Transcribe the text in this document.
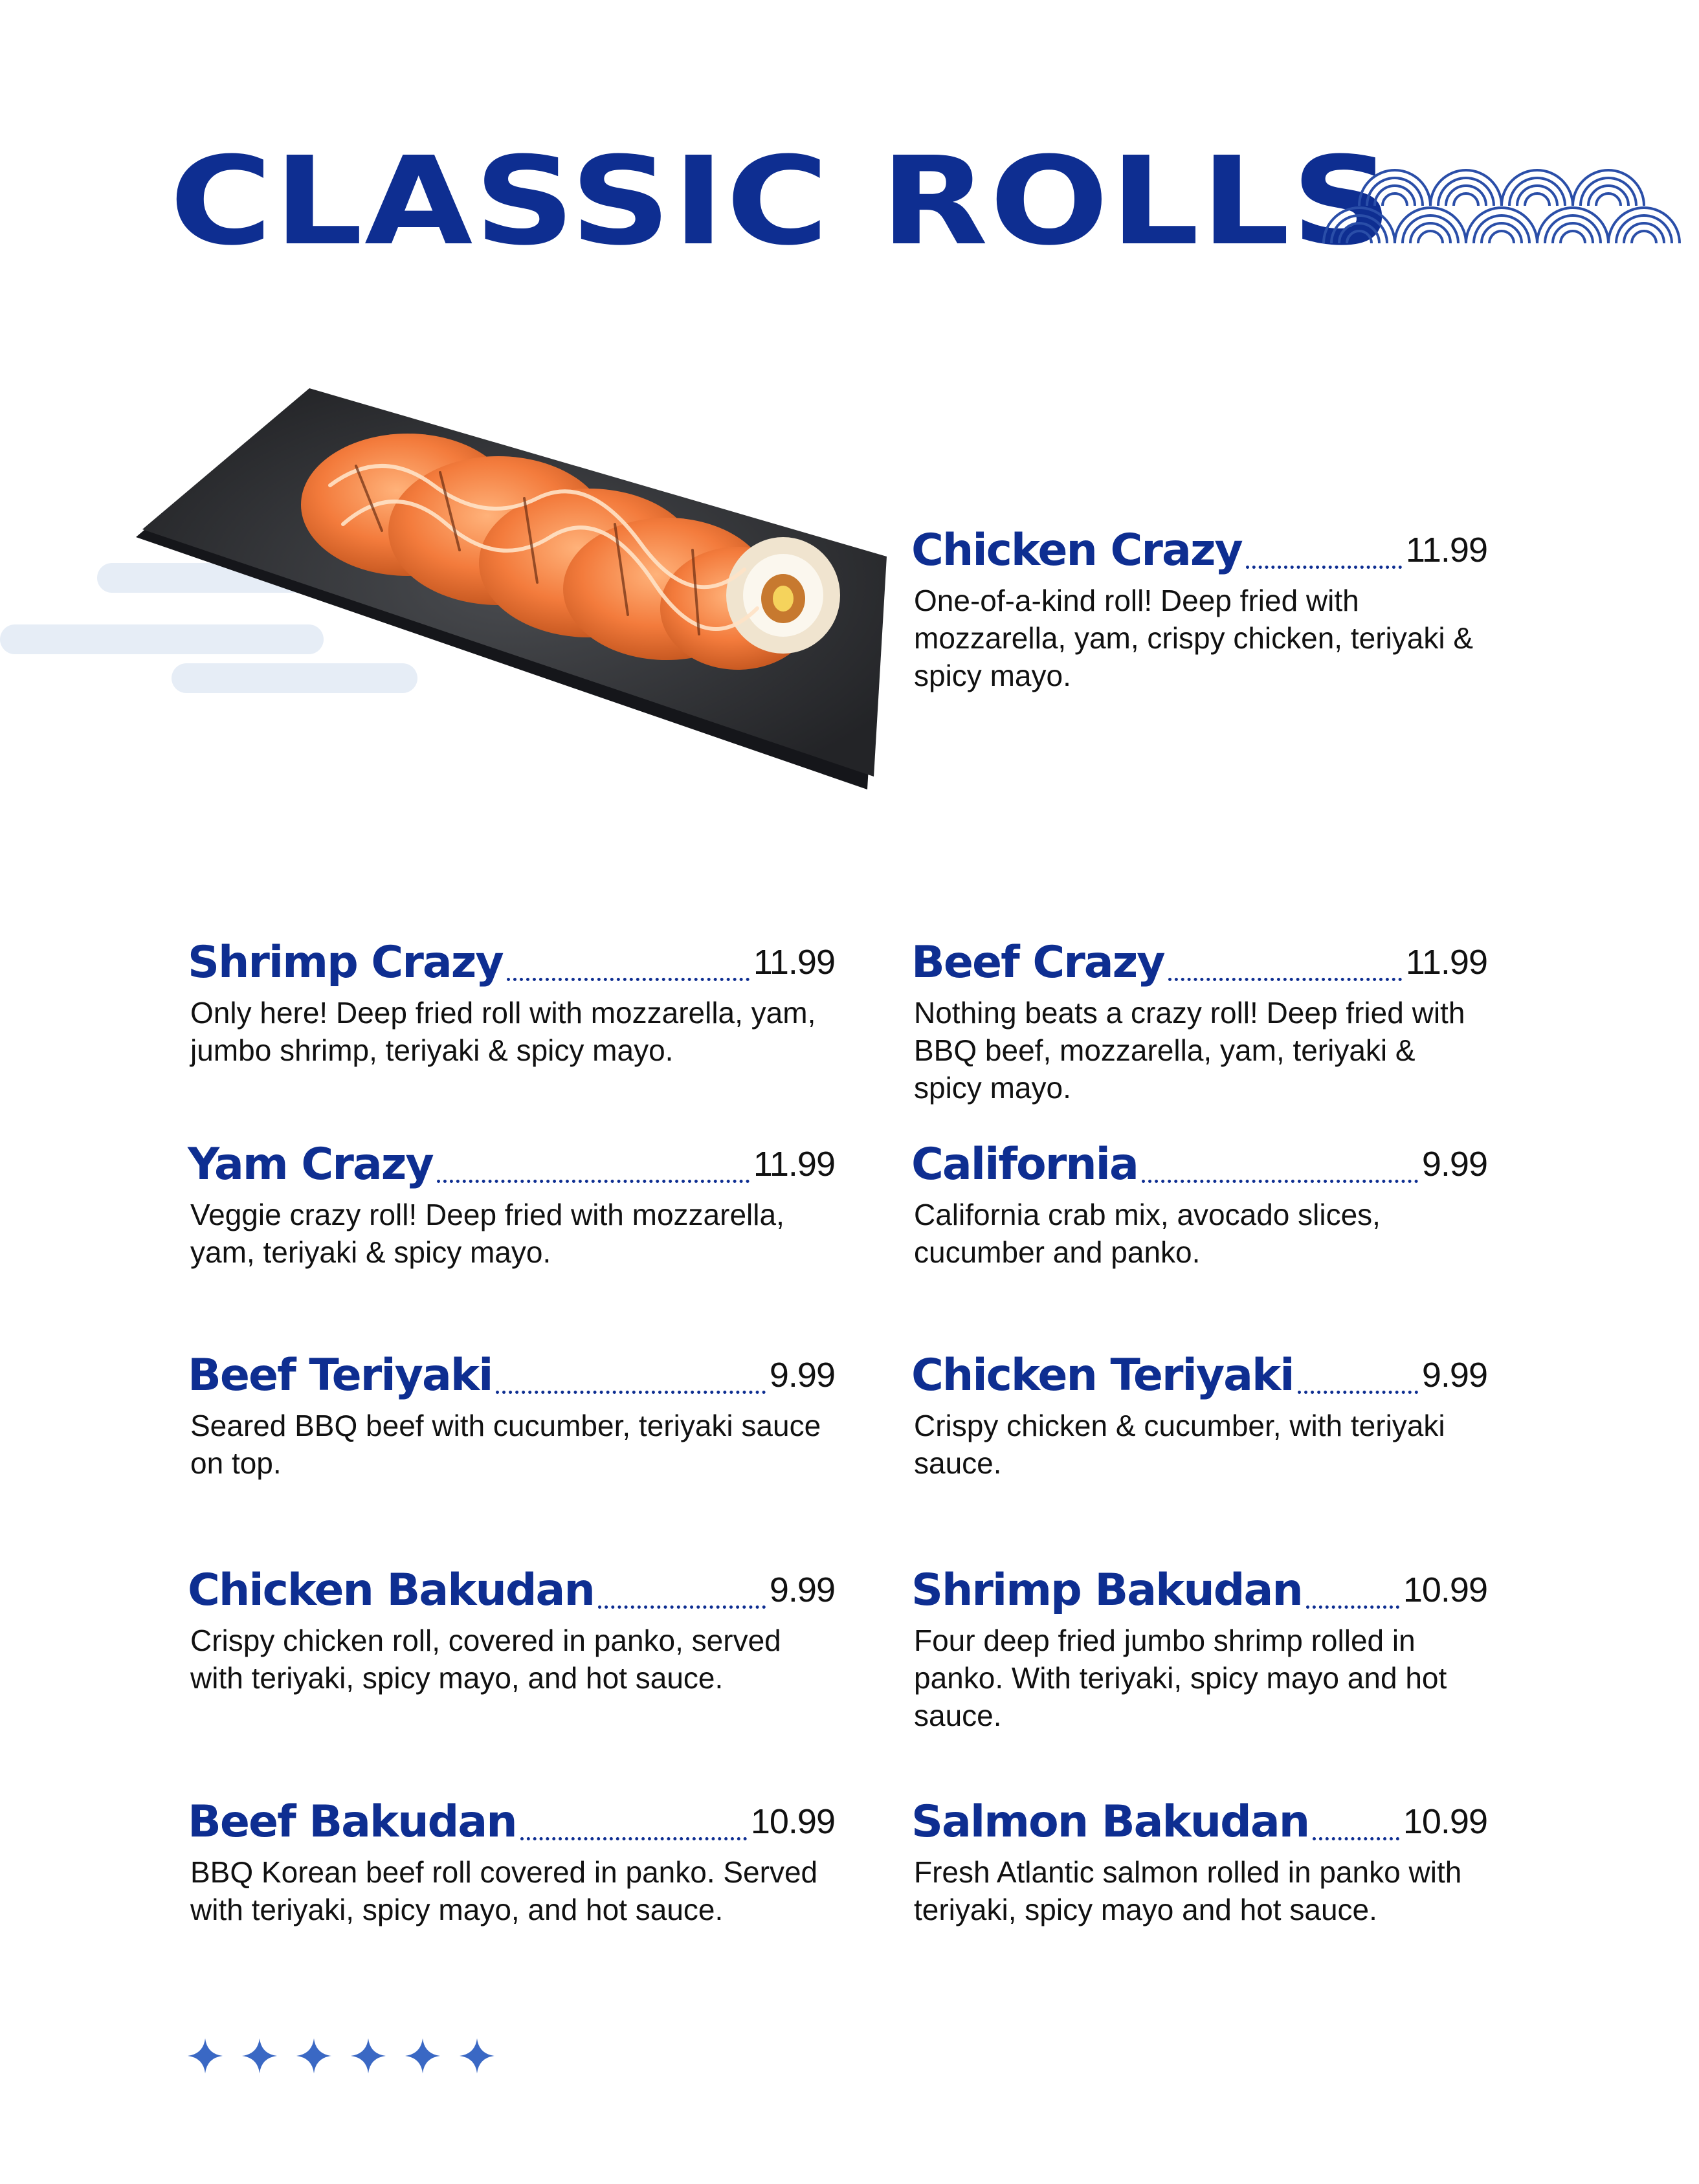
CLASSIC ROLLS
Chicken Crazy	11.99
One-of-a-kind roll! Deep fried with mozzarella, yam, crispy chicken, teriyaki & spicy mayo.
Shrimp Crazy	11.99
Only here! Deep fried roll with mozzarella, yam, jumbo shrimp, teriyaki & spicy mayo.
Yam Crazy	11.99
Veggie crazy roll! Deep fried with mozzarella, yam, teriyaki & spicy mayo.
Beef Teriyaki	9.99
Seared BBQ beef with cucumber, teriyaki sauce on top.
Chicken Bakudan	9.99
Crispy chicken roll, covered in panko, served with teriyaki, spicy mayo, and hot sauce.
Beef Bakudan	10.99
BBQ Korean beef roll covered in panko. Served with teriyaki, spicy mayo, and hot sauce.
Beef Crazy	11.99
Nothing beats a crazy roll! Deep fried with BBQ beef, mozzarella, yam, teriyaki & spicy mayo.
California	9.99
California crab mix, avocado slices, cucumber and panko.
Chicken Teriyaki	9.99
Crispy chicken & cucumber, with teriyaki sauce.
Shrimp Bakudan	10.99
Four deep fried jumbo shrimp rolled in panko. With teriyaki, spicy mayo and hot sauce.
Salmon Bakudan	10.99
Fresh Atlantic salmon rolled in panko with teriyaki, spicy mayo and hot sauce.
